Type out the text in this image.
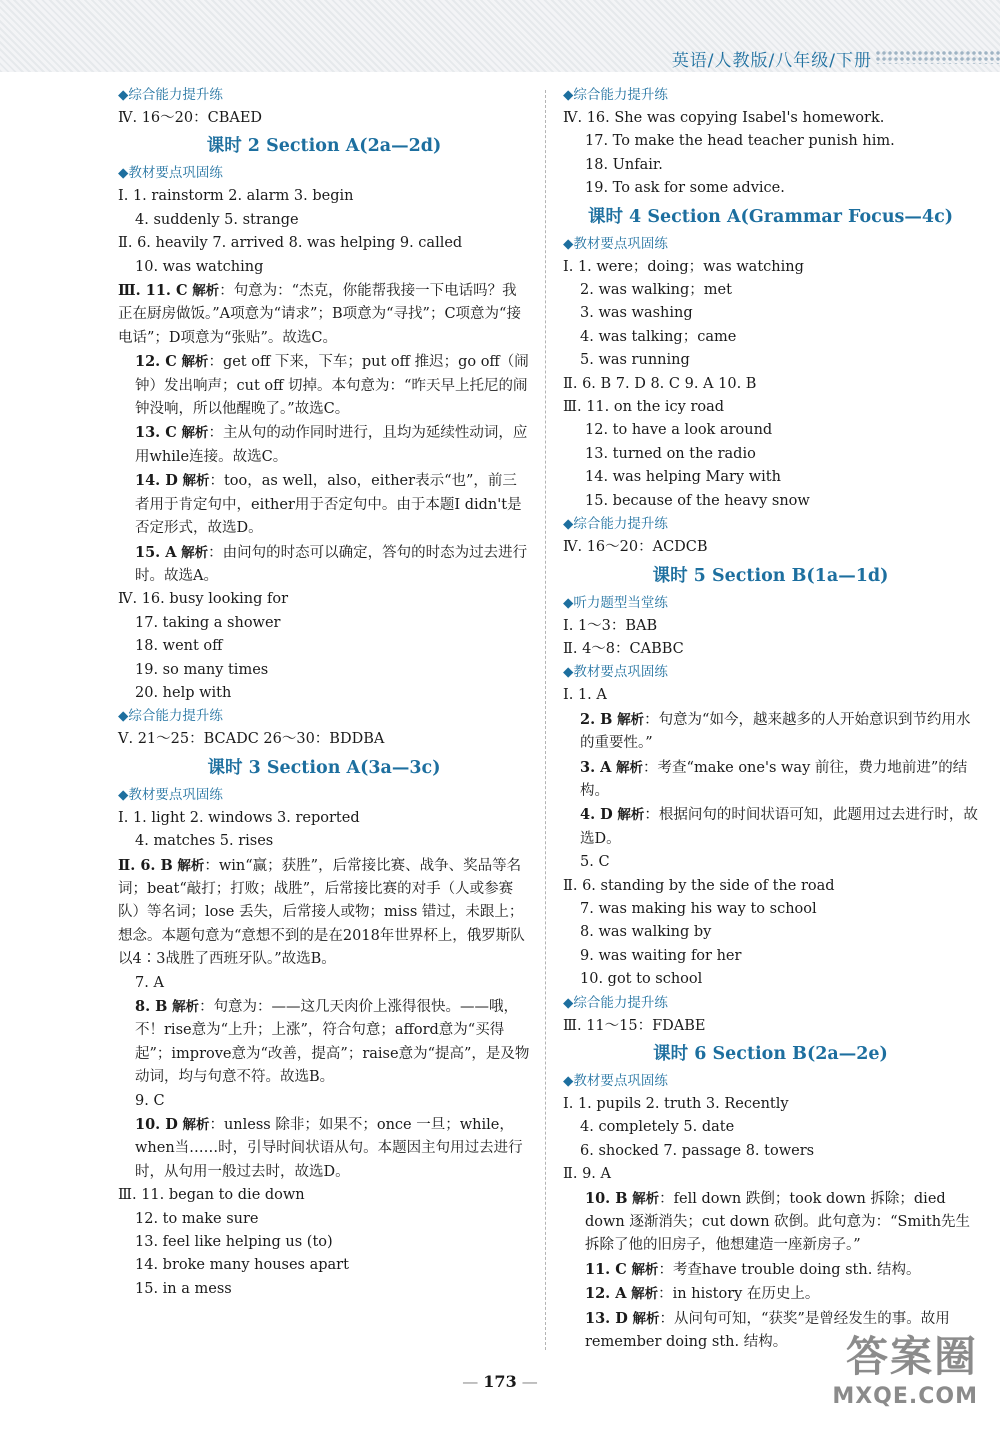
英语/人教版/八年级/下册
◆综合能力提升练
Ⅳ. 16～20：CBAED
课时 2 Section A(2a—2d)
◆教材要点巩固练
Ⅰ. 1. rainstorm 2. alarm 3. begin
4. suddenly 5. strange
Ⅱ. 6. heavily 7. arrived 8. was helping 9. called
10. was watching
Ⅲ. 11. C 解析：句意为：“杰克，你能帮我接一下电话吗？我正在厨房做饭。”A项意为“请求”；B项意为“寻找”；C项意为“接电话”；D项意为“张贴”。故选C。
12. C 解析：get off 下来，下车；put off 推迟；go off（闹钟）发出响声；cut off 切掉。本句意为：“昨天早上托尼的闹钟没响，所以他醒晚了。”故选C。
13. C 解析：主从句的动作同时进行，且均为延续性动词，应用while连接。故选C。
14. D 解析：too，as well，also，either表示“也”，前三者用于肯定句中，either用于否定句中。由于本题I didn't是否定形式，故选D。
15. A 解析：由问句的时态可以确定，答句的时态为过去进行时。故选A。
Ⅳ. 16. busy looking for
17. taking a shower
18. went off
19. so many times
20. help with
◆综合能力提升练
Ⅴ. 21～25：BCADC 26～30：BDDBA
课时 3 Section A(3a—3c)
◆教材要点巩固练
Ⅰ. 1. light 2. windows 3. reported
4. matches 5. rises
Ⅱ. 6. B 解析：win“赢；获胜”，后常接比赛、战争、奖品等名词；beat“敲打；打败；战胜”，后常接比赛的对手（人或参赛队）等名词；lose 丢失，后常接人或物；miss 错过，未跟上；想念。本题句意为“意想不到的是在2018年世界杯上，俄罗斯队以4∶3战胜了西班牙队。”故选B。
7. A
8. B 解析：句意为：——这几天肉价上涨得很快。——哦，不！rise意为“上升；上涨”，符合句意；afford意为“买得起”；improve意为“改善，提高”；raise意为“提高”，是及物动词，均与句意不符。故选B。
9. C
10. D 解析：unless 除非；如果不；once 一旦；while，when当……时，引导时间状语从句。本题因主句用过去进行时，从句用一般过去时，故选D。
Ⅲ. 11. began to die down
12. to make sure
13. feel like helping us (to)
14. broke many houses apart
15. in a mess
◆综合能力提升练
Ⅳ. 16. She was copying Isabel's homework.
17. To make the head teacher punish him.
18. Unfair.
19. To ask for some advice.
课时 4 Section A(Grammar Focus—4c)
◆教材要点巩固练
Ⅰ. 1. were；doing；was watching
2. was walking；met
3. was washing
4. was talking；came
5. was running
Ⅱ. 6. B 7. D 8. C 9. A 10. B
Ⅲ. 11. on the icy road
12. to have a look around
13. turned on the radio
14. was helping Mary with
15. because of the heavy snow
◆综合能力提升练
Ⅳ. 16～20：ACDCB
课时 5 Section B(1a—1d)
◆听力题型当堂练
Ⅰ. 1～3：BAB
Ⅱ. 4～8：CABBC
◆教材要点巩固练
Ⅰ. 1. A
2. B 解析：句意为“如今，越来越多的人开始意识到节约用水的重要性。”
3. A 解析：考查“make one's way 前往，费力地前进”的结构。
4. D 解析：根据问句的时间状语可知，此题用过去进行时，故选D。
5. C
Ⅱ. 6. standing by the side of the road
7. was making his way to school
8. was walking by
9. was waiting for her
10. got to school
◆综合能力提升练
Ⅲ. 11～15：FDABE
课时 6 Section B(2a—2e)
◆教材要点巩固练
Ⅰ. 1. pupils 2. truth 3. Recently
4. completely 5. date
6. shocked 7. passage 8. towers
Ⅱ. 9. A
10. B 解析：fell down 跌倒；took down 拆除；died down 逐渐消失；cut down 砍倒。此句意为：“Smith先生拆除了他的旧房子，他想建造一座新房子。”
11. C 解析：考查have trouble doing sth. 结构。
12. A 解析：in history 在历史上。
13. D 解析：从问句可知，“获奖”是曾经发生的事。故用remember doing sth. 结构。
— 173 —
答案圈
MXQE.COM
